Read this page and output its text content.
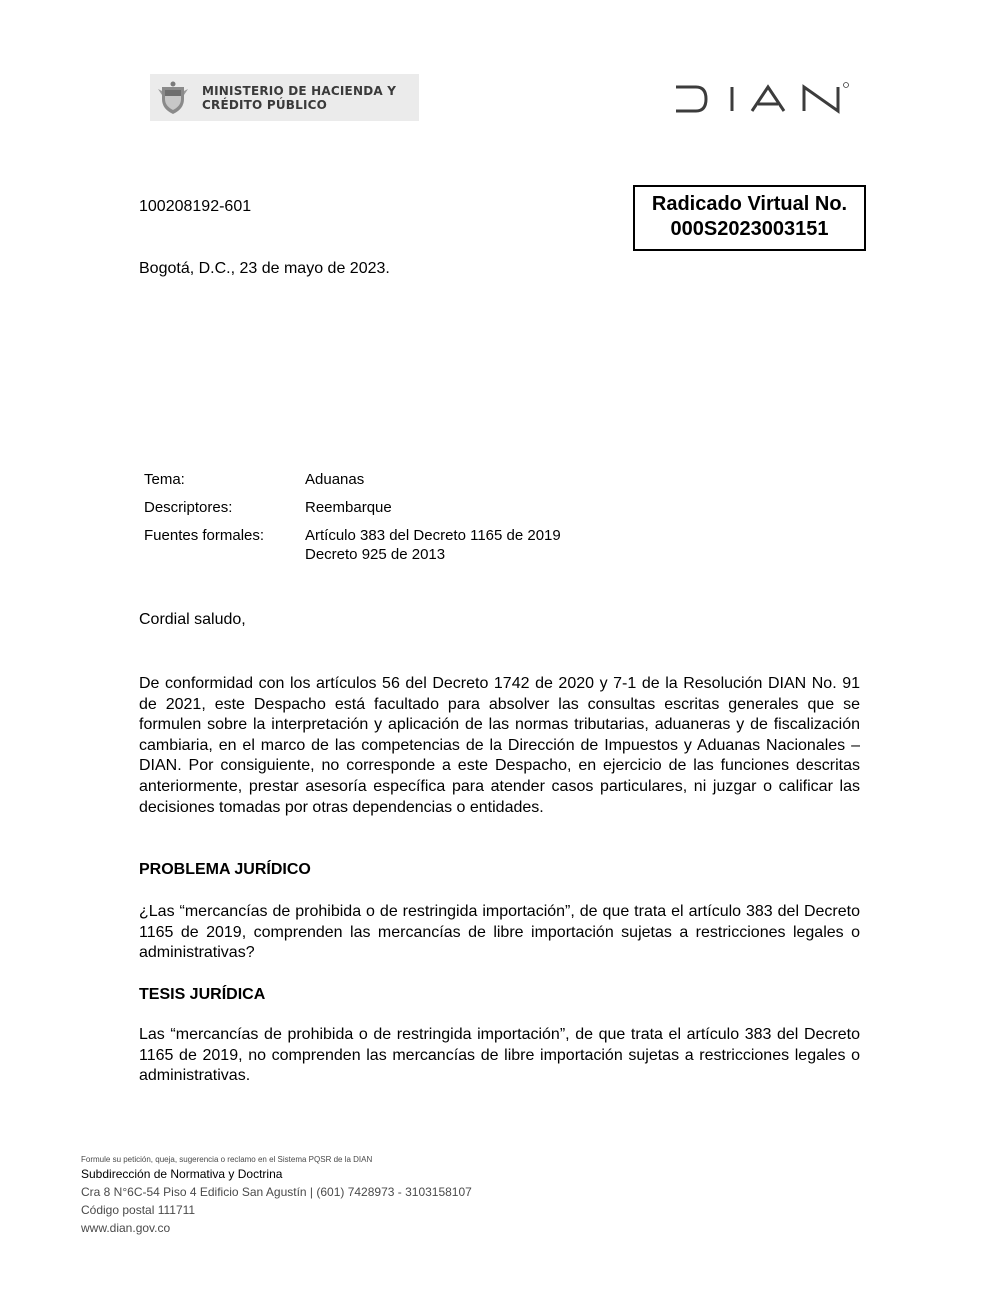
MINISTERIO DE HACIENDA Y
CRÉDITO PÚBLICO
DIAN
100208192-601	Radicado Virtual No.
000S2023003151
Bogotá, D.C., 23 de mayo de 2023.
Tema:	Aduanas
Descriptores:	Reembarque
Fuentes formales:	Artículo 383 del Decreto 1165 de 2019
Decreto 925 de 2013
Cordial saludo,

De conformidad con los artículos 56 del Decreto 1742 de 2020 y 7-1 de la Resolución DIAN No. 91 de 2021, este Despacho está facultado para absolver las consultas escritas generales que se formulen sobre la interpretación y aplicación de las normas tributarias, aduaneras y de fiscalización cambiaria, en el marco de las competencias de la Dirección de Impuestos y Aduanas Nacionales – DIAN. Por consiguiente, no corresponde a este Despacho, en ejercicio de las funciones descritas anteriormente, prestar asesoría específica para atender casos particulares, ni juzgar o calificar las decisiones tomadas por otras dependencias o entidades.

PROBLEMA JURÍDICO

¿Las “mercancías de prohibida o de restringida importación”, de que trata el artículo 383 del Decreto 1165 de 2019, comprenden las mercancías de libre importación sujetas a restricciones legales o administrativas?

TESIS JURÍDICA

Las “mercancías de prohibida o de restringida importación”, de que trata el artículo 383 del Decreto 1165 de 2019, no comprenden las mercancías de libre importación sujetas a restricciones legales o administrativas.

Formule su petición, queja, sugerencia o reclamo en el Sistema PQSR de la DIAN
Subdirección de Normativa y Doctrina
Cra 8 N°6C-54 Piso 4 Edificio San Agustín | (601) 7428973 - 3103158107
Código postal 111711
www.dian.gov.co
